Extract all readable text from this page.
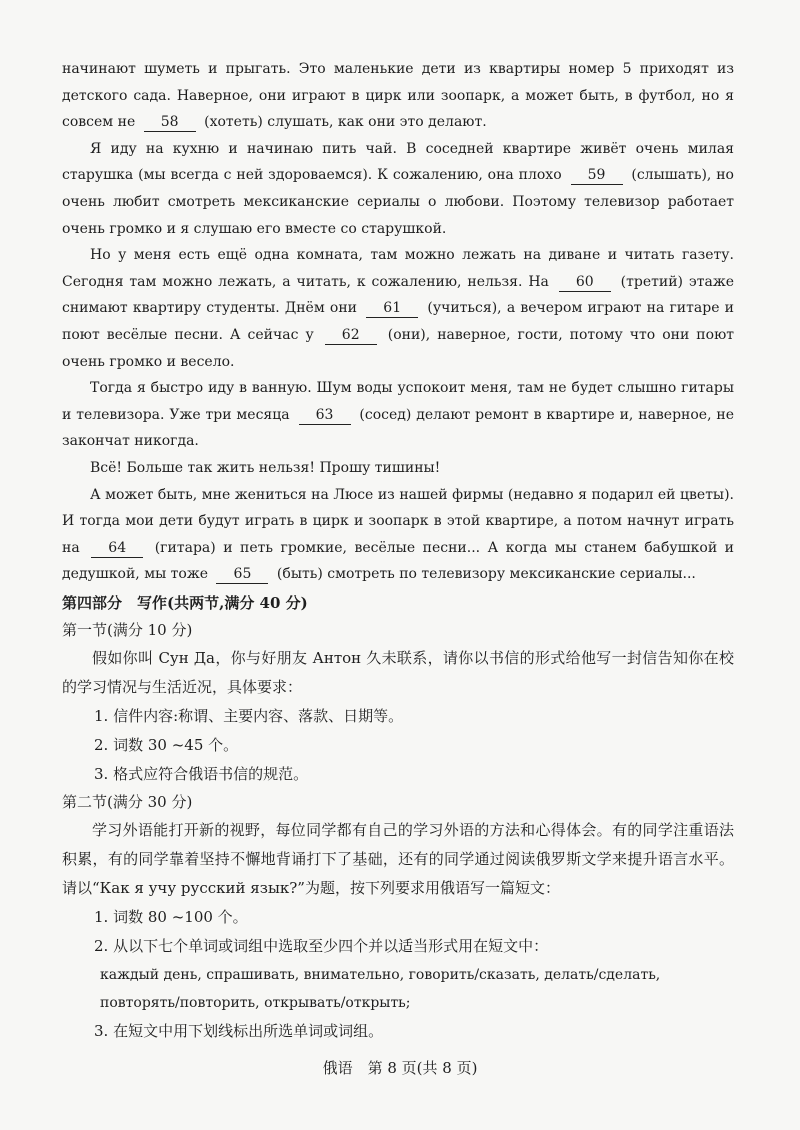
начинают шуметь и прыгать. Это маленькие дети из квартиры номер 5 приходят из детского сада. Наверное, они играют в цирк или зоопарк, а может быть, в футбол, но я совсем не 58 (хотеть) слушать, как они это делают.

Я иду на кухню и начинаю пить чай. В соседней квартире живёт очень милая старушка (мы всегда с ней здороваемся). К сожалению, она плохо 59 (слышать), но очень любит смотреть мексиканские сериалы о любови. Поэтому телевизор работает очень громко и я слушаю его вместе со старушкой.

Но у меня есть ещё одна комната, там можно лежать на диване и читать газету. Сегодня там можно лежать, а читать, к сожалению, нельзя. На 60 (третий) этаже снимают квартиру студенты. Днём они 61 (учиться), а вечером играют на гитаре и поют весёлые песни. А сейчас у 62 (они), наверное, гости, потому что они поют очень громко и весело.

Тогда я быстро иду в ванную. Шум воды успокоит меня, там не будет слышно гитары и телевизора. Уже три месяца 63 (сосед) делают ремонт в квартире и, наверное, не закончат никогда.

Всё! Больше так жить нельзя! Прошу тишины!

А может быть, мне жениться на Люсе из нашей фирмы (недавно я подарил ей цветы). И тогда мои дети будут играть в цирк и зоопарк в этой квартире, а потом начнут играть на 64 (гитара) и петь громкие, весёлые песни... А когда мы станем бабушкой и дедушкой, мы тоже 65 (быть) смотреть по телевизору мексиканские сериалы...

第四部分　写作(共两节,满分 40 分)

第一节(满分 10 分)

假如你叫 Сун Да，你与好朋友 Антон 久未联系，请你以书信的形式给他写一封信告知你在校的学习情况与生活近况，具体要求：

1. 信件内容:称谓、主要内容、落款、日期等。

2. 词数 30 ~45 个。

3. 格式应符合俄语书信的规范。

第二节(满分 30 分)

学习外语能打开新的视野，每位同学都有自己的学习外语的方法和心得体会。有的同学注重语法积累，有的同学靠着坚持不懈地背诵打下了基础，还有的同学通过阅读俄罗斯文学来提升语言水平。请以“Как я учу русский язык?”为题，按下列要求用俄语写一篇短文：

1. 词数 80 ~100 个。

2. 从以下七个单词或词组中选取至少四个并以适当形式用在短文中：

каждый день, спрашивать, внимательно, говорить/сказать, делать/сделать, повторять/повторить, открывать/открыть;

3. 在短文中用下划线标出所选单词或词组。

俄语　第 8 页(共 8 页)
